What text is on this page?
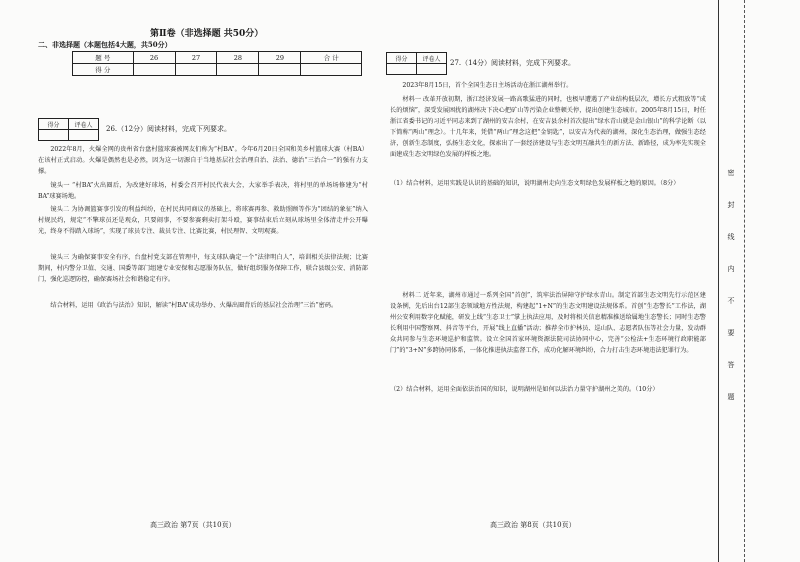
第Ⅱ卷（非选择题 共50分）
二、非选择题（本题包括4大题，共50分）
题 号	26	27	28	29	合 计
得 分					
得分	评卷人
	26.（12分）阅读材料，完成下列要求。
2022年8月，火爆全网的贵州省台盘村篮球赛被网友们称为“村BA”。今年6月20日全国和美乡村篮球大赛（村BA）在该村正式启动。火爆是偶然也是必然，因为这一切源自于当地基层社会治理自治、法治、德治“三治合一”的强有力支撑。
镜头一 “村BA”火出圈后，为改建好球场，村委会召开村民代表大会，大家举手表决，将村里的单场场修建为“村BA”球赛场地。
镜头二 为协调篮赛事引发的利益纠纷，在村民共同商议的基础上，将球赛再参、救助照顾等作为“团结的象征”纳入村规民约，规定“不擎球员还是观众，只要闹事，不要参赛剩卖打架斗殴，赛事结束后立刻从球场里全体清走并公开曝光，终身不得踏入球场”，实现了球员专注、裁员专注、比赛比赛，村民理智、文明观赛。
镜头三 为确保赛事安全有序，台盘村党支部在管理中，每支球队确定一个“法律明白人”，培训相关法律法规；比赛期间，村内警分卫值、交通、国委等部门组建专业安保和志愿服务队伍，做好组织服务保障工作，联合县级公安、消防部门，强化巡逻防控，确保赛场社会和谐稳定有序。
结合材料，运用《政治与法治》知识，解读“村BA”成功举办、火爆出圈背后的基层社会治理“三治”密码。
高三政治 第7页（共10页）
得分	评卷人
	27.（14分）阅读材料，完成下列要求。
2023年8月15日，首个全国生态日主场活动在浙江湖州举行。
材料一 改革开放初期，浙江经济发展一路高歌猛进的同时，也极早遭遇了产业结构低层次，增长方式粗放等“成长的烦恼”，深受发展困扰的湖州决下决心把矿山等污染企业整顿关停，提出创建生态城市。2005年8月15日，时任浙江省委书记的习近平同志来到了湖州的安吉余村，在安吉县余村首次提出“绿水青山就是金山银山”的科学论断（以下简称“两山”理念）。十几年来，凭借“两山”理念这把“金钥匙”，以安吉为代表的湖州，深化生态治理，做强生态经济，创新生态制度，弘扬生态文化，探索出了一套经济建设与生态文明互融共生的新方法、新路径，成为率先实现全面建成生态文明绿色发展的样板之地。
（1）结合材料，运用实践是认识的基础的知识，说明湖州走向生态文明绿色发展样板之地的原因。（8分）
材料二 近年来，湖州市通过一系列全国“首创”，筑牢法治屏障守护绿水青山。制定首部生态文明先行示范区建设条例，先后出台12部生态领域地方性法规，构建起“1+N”的生态文明建设法规体系。首创“生态警长”工作法，湖州公安利用数字化赋能，研发上线“生态卫士”掌上执法应用，及时将相关信息精准推送给属地生态警长；同时生态警长利用中国警察网、抖音等平台，开展“线上直播”活动；推荐全市护林员、巡山队、志愿者队伍等社会力量，发动群众共同参与生态环境巡护和监管。设立全国首家环境资源法院司法协同中心，完善“公检法+生态环境行政职能部门”的“3+N”多跨协同体系，一体化推进执法监督工作，成功化解环境纠纷，合力打击生态环境违法犯罪行为。
（2）结合材料，运用全面依法治国的知识，说明湖州是如何以法治力量守护湖州之美的。（10分）
高三政治 第8页（共10页）
密
封
线
内
不
要
答
题
